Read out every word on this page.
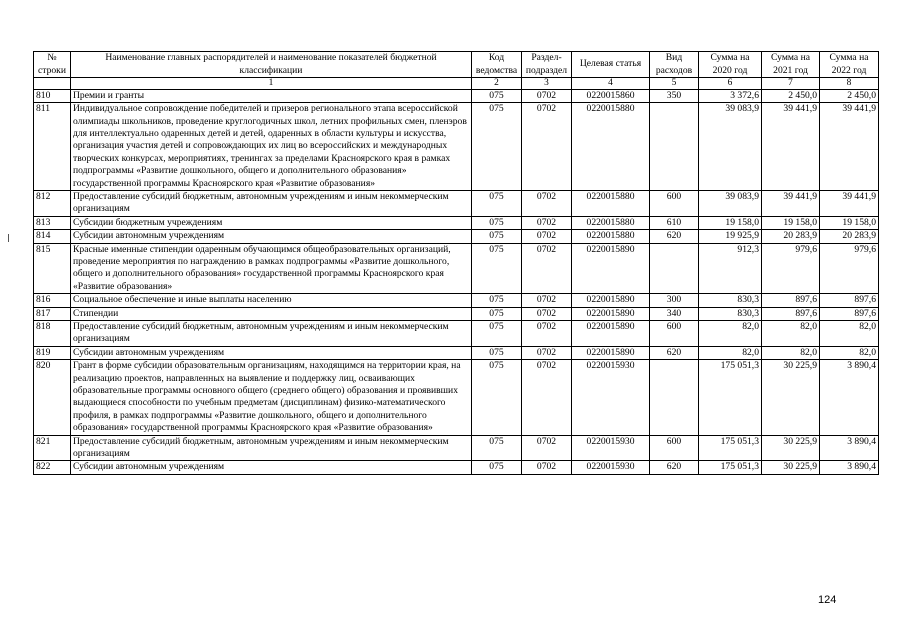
№ строки	Наименование главных распорядителей и наименование показателей бюджетной классификации	Код ведомства	Раздел-подраздел	Целевая статья	Вид расходов	Сумма на 2020 год	Сумма на 2021 год	Сумма на 2022 год
	1	2	3	4	5	6	7	8
810	Премии и гранты	075	0702	0220015860	350	3 372,6	2 450,0	2 450,0
811	Индивидуальное сопровождение победителей и призеров регионального этапа всероссийской олимпиады школьников, проведение круглогодичных школ, летних профильных смен, пленэров для интеллектуально одаренных детей и детей, одаренных в области культуры и искусства, организация участия детей и сопровождающих их лиц во всероссийских и международных творческих конкурсах, мероприятиях, тренингах за пределами Красноярского края в рамках подпрограммы «Развитие дошкольного, общего и дополнительного образования» государственной программы Красноярского края «Развитие образования»	075	0702	0220015880		39 083,9	39 441,9	39 441,9
812	Предоставление субсидий бюджетным, автономным учреждениям и иным некоммерческим организациям	075	0702	0220015880	600	39 083,9	39 441,9	39 441,9
813	Субсидии бюджетным учреждениям	075	0702	0220015880	610	19 158,0	19 158,0	19 158,0
814	Субсидии автономным учреждениям	075	0702	0220015880	620	19 925,9	20 283,9	20 283,9
815	Красные именные стипендии одаренным обучающимся общеобразовательных организаций, проведение мероприятия по награждению в рамках подпрограммы «Развитие дошкольного, общего и дополнительного образования» государственной программы Красноярского края «Развитие образования»	075	0702	0220015890		912,3	979,6	979,6
816	Социальное обеспечение и иные выплаты населению	075	0702	0220015890	300	830,3	897,6	897,6
817	Стипендии	075	0702	0220015890	340	830,3	897,6	897,6
818	Предоставление субсидий бюджетным, автономным учреждениям и иным некоммерческим организациям	075	0702	0220015890	600	82,0	82,0	82,0
819	Субсидии автономным учреждениям	075	0702	0220015890	620	82,0	82,0	82,0
820	Грант в форме субсидии образовательным организациям, находящимся на территории края, на реализацию проектов, направленных на выявление и поддержку лиц, осваивающих образовательные программы основного общего (среднего общего) образования и проявивших выдающиеся способности по учебным предметам (дисциплинам) физико-математического профиля, в рамках подпрограммы «Развитие дошкольного, общего и дополнительного образования» государственной программы Красноярского края «Развитие образования»	075	0702	0220015930		175 051,3	30 225,9	3 890,4
821	Предоставление субсидий бюджетным, автономным учреждениям и иным некоммерческим организациям	075	0702	0220015930	600	175 051,3	30 225,9	3 890,4
822	Субсидии автономным учреждениям	075	0702	0220015930	620	175 051,3	30 225,9	3 890,4
124
